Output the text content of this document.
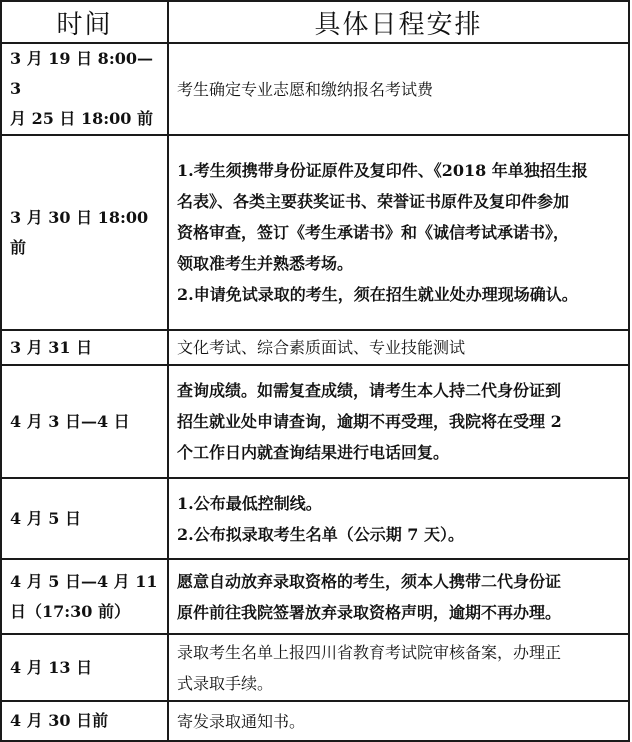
时间	具体日程安排
3 月 19 日 8:00—3
月 25 日 18:00 前	考生确定专业志愿和缴纳报名考试费

3 月 30 日 18:00 前	1.考生须携带身份证原件及复印件、《2018 年单独招生报
名表》、各类主要获奖证书、荣誉证书原件及复印件参加
资格审查，签订《考生承诺书》和《诚信考试承诺书》，
领取准考生并熟悉考场。
2.申请免试录取的考生，须在招生就业处办理现场确认。

3 月 31 日	文化考试、综合素质面试、专业技能测试

4 月 3 日—4 日	查询成绩。如需复查成绩，请考生本人持二代身份证到
招生就业处申请查询，逾期不再受理，我院将在受理 2
个工作日内就查询结果进行电话回复。

4 月 5 日	1.公布最低控制线。
2.公布拟录取考生名单（公示期 7 天）。

4 月 5 日—4 月 11
日（17:30 前）	愿意自动放弃录取资格的考生，须本人携带二代身份证
原件前往我院签署放弃录取资格声明，逾期不再办理。

4 月 13 日	录取考生名单上报四川省教育考试院审核备案，办理正
式录取手续。

4 月 30 日前	寄发录取通知书。
